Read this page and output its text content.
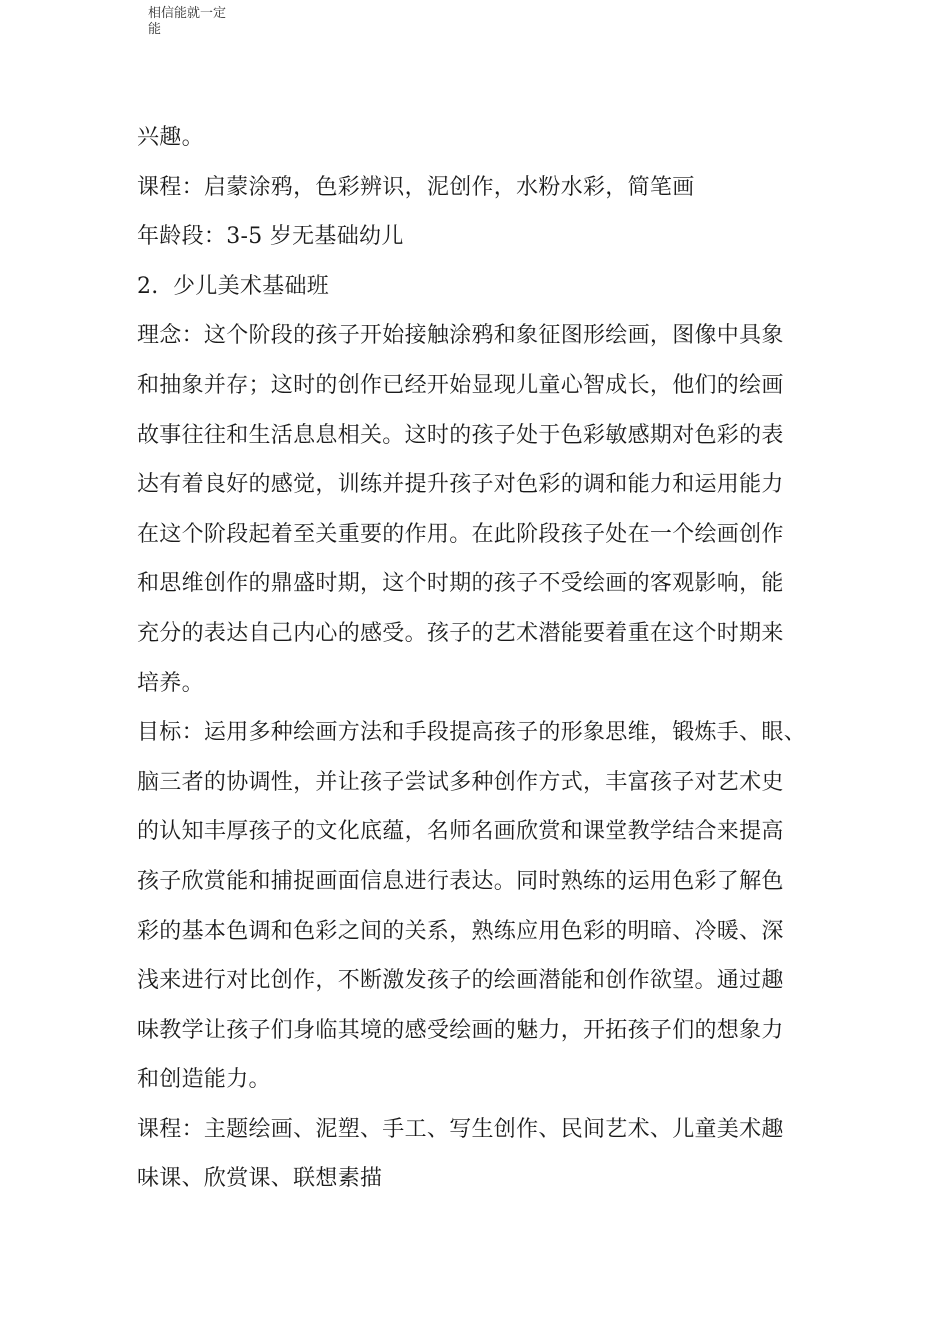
相信能就一定
能
兴趣。
课程：启蒙涂鸦，色彩辨识，泥创作，水粉水彩，简笔画
年龄段：3-5 岁无基础幼儿
2. 少儿美术基础班
理念：这个阶段的孩子开始接触涂鸦和象征图形绘画，图像中具象
和抽象并存；这时的创作已经开始显现儿童心智成长，他们的绘画
故事往往和生活息息相关。这时的孩子处于色彩敏感期对色彩的表
达有着良好的感觉，训练并提升孩子对色彩的调和能力和运用能力
在这个阶段起着至关重要的作用。在此阶段孩子处在一个绘画创作
和思维创作的鼎盛时期，这个时期的孩子不受绘画的客观影响，能
充分的表达自己内心的感受。孩子的艺术潜能要着重在这个时期来
培养。
目标：运用多种绘画方法和手段提高孩子的形象思维，锻炼手、眼、
脑三者的协调性，并让孩子尝试多种创作方式，丰富孩子对艺术史
的认知丰厚孩子的文化底蕴，名师名画欣赏和课堂教学结合来提高
孩子欣赏能和捕捉画面信息进行表达。同时熟练的运用色彩了解色
彩的基本色调和色彩之间的关系，熟练应用色彩的明暗、冷暖、深
浅来进行对比创作，不断激发孩子的绘画潜能和创作欲望。通过趣
味教学让孩子们身临其境的感受绘画的魅力，开拓孩子们的想象力
和创造能力。
课程：主题绘画、泥塑、手工、写生创作、民间艺术、儿童美术趣
味课、欣赏课、联想素描
